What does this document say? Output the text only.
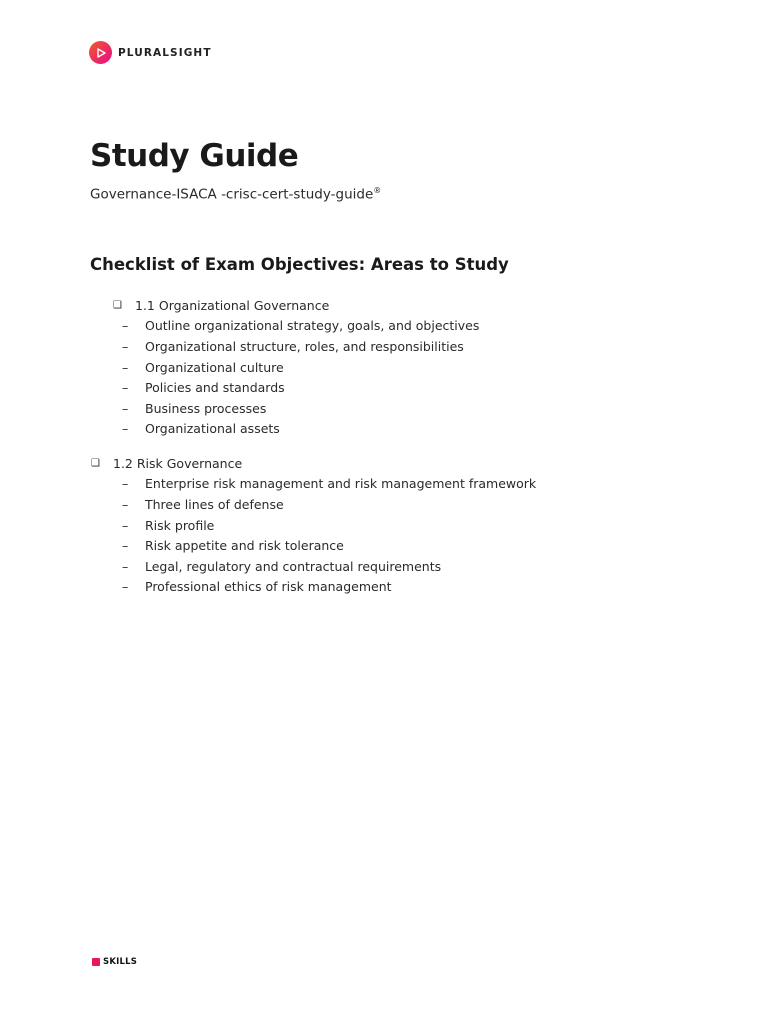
PLURALSIGHT
Study Guide

Governance-ISACA -crisc-cert-study-guide®

Checklist of Exam Objectives: Areas to Study
❑	1.1 Organizational Governance
–	Outline organizational strategy, goals, and objectives
–	Organizational structure, roles, and responsibilities
–	Organizational culture
–	Policies and standards
–	Business processes
–	Organizational assets
❑	1.2 Risk Governance
–	Enterprise risk management and risk management framework
–	Three lines of defense
–	Risk profile
–	Risk appetite and risk tolerance
–	Legal, regulatory and contractual requirements
–	Professional ethics of risk management
SKILLS
